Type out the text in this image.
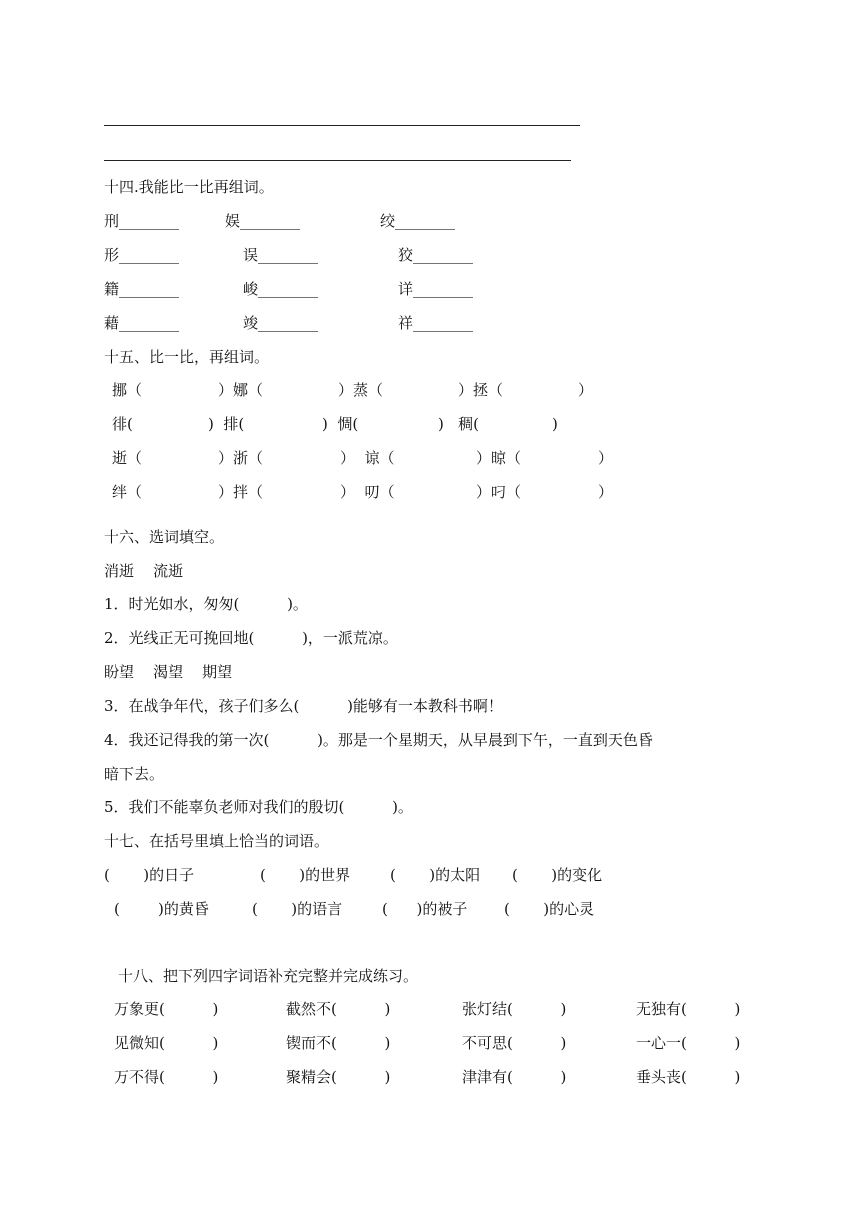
十四.我能比一比再组词。
刑________	娱________	绞________
形________	误________	狡________
籍________	峻________	详________
藉________	竣________	祥________
十五、比一比，再组词。
挪（	）娜（	）蒸（	）拯（	）
徘(	)  排(	)  惆(	)   稠(	)
逝（	）浙（	）  谅（	）晾（	）
绊（	）拌（	）  叨（	）叼（	）
十六、选词填空。
消逝    流逝
1．时光如水，匆匆(          )。
2．光线正无可挽回地(          )，一派荒凉。
盼望    渴望    期望
3．在战争年代，孩子们多么(          )能够有一本教科书啊！
4．我还记得我的第一次(          )。那是一个星期天，从早晨到下午，一直到天色昏
暗下去。
5．我们不能辜负老师对我们的殷切(          )。
十七、在括号里填上恰当的词语。
(       )的日子	(       )的世界	(       )的太阳 (       )的变化
(        )的黄昏	(       )的语言	(      )的被子 (       )的心灵
十八、把下列四字词语补充完整并完成练习。
万象更(          )	截然不(          )	张灯结(          )	无独有(          )
见微知(          )	锲而不(          )	不可思(          )	一心一(          )
万不得(          )	聚精会(          )	津津有(          )	垂头丧(          )
